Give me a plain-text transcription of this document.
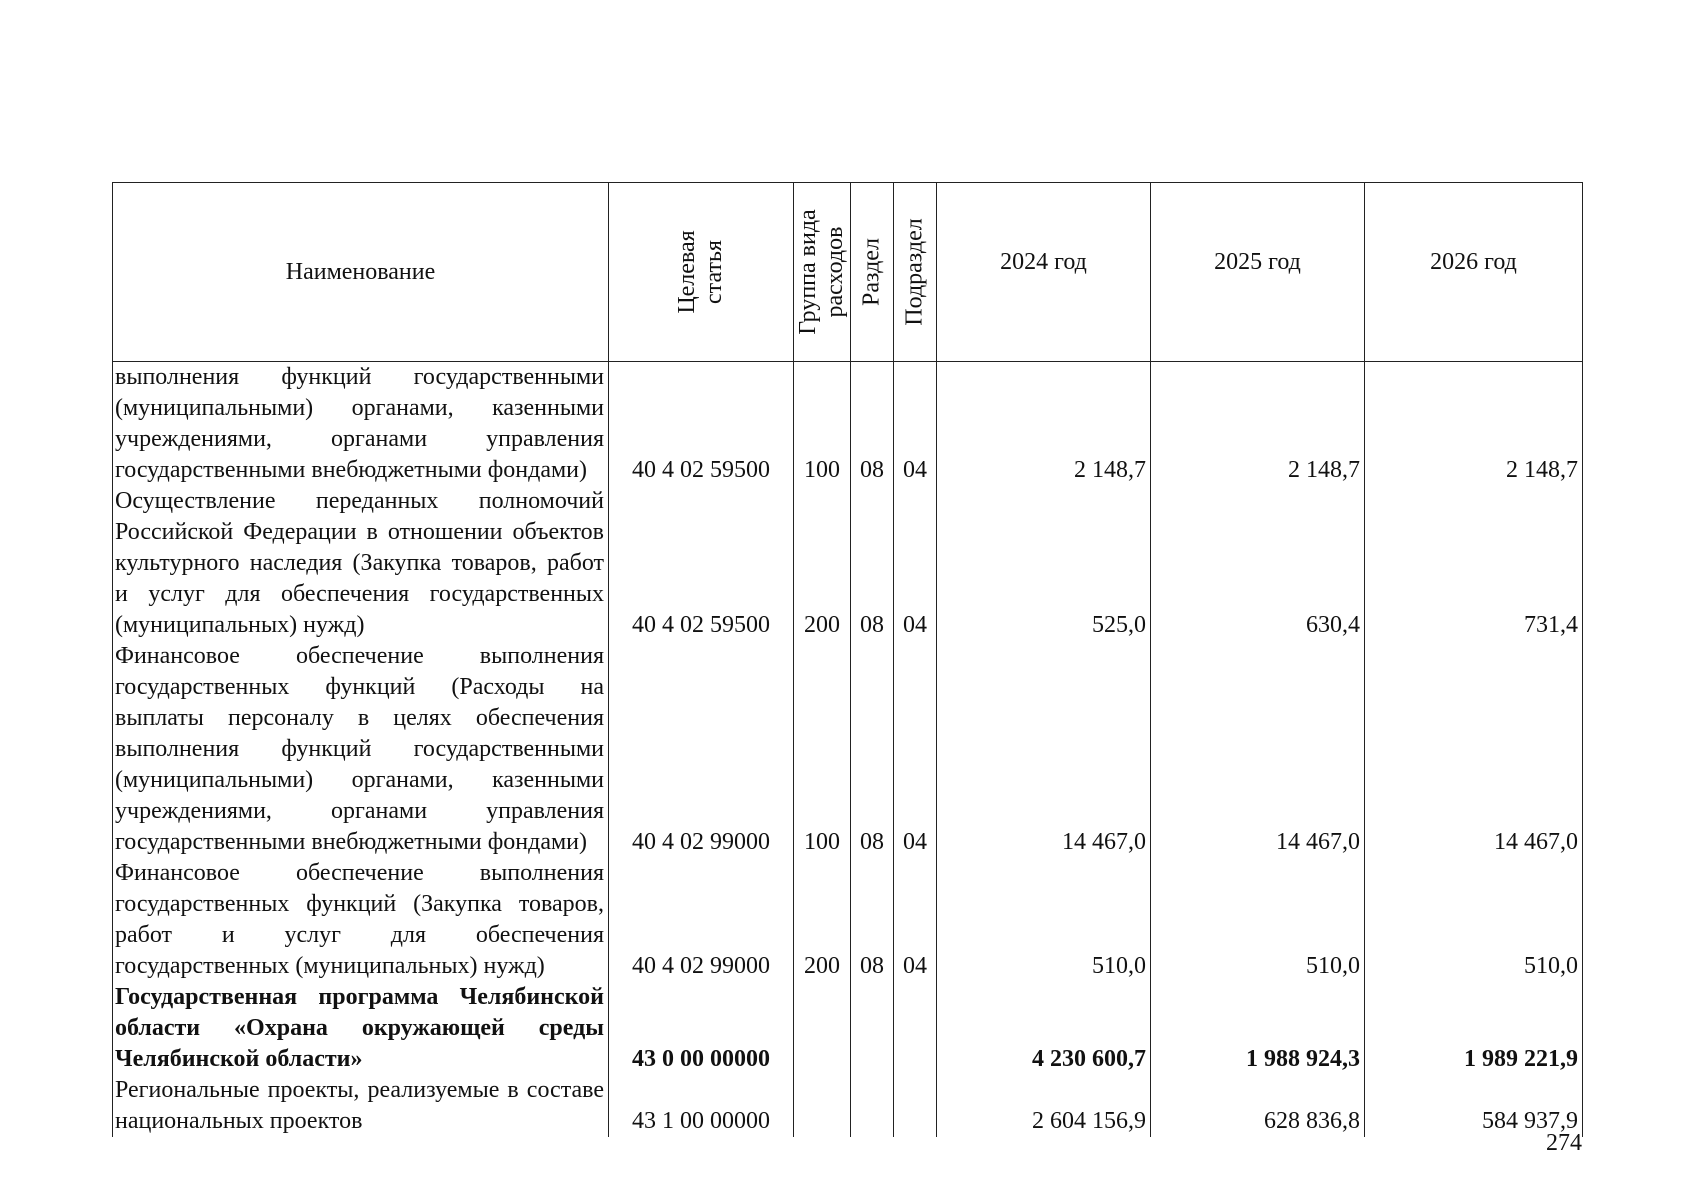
Наименование	Целевая статья	Группа вида расходов	Раздел	Подраздел	2024 год	2025 год	2026 год
выполнения функций государственными (муниципальными) органами, казенными учреждениями, органами управления государственными внебюджетными фондами)	40 4 02 59500	100	08	04	2 148,7	2 148,7	2 148,7
Осуществление переданных полномочий Российской Федерации в отношении объектов культурного наследия (Закупка товаров, работ и услуг для обеспечения государственных (муниципальных) нужд)	40 4 02 59500	200	08	04	525,0	630,4	731,4
Финансовое обеспечение выполнения государственных функций (Расходы на выплаты персоналу в целях обеспечения выполнения функций государственными (муниципальными) органами, казенными учреждениями, органами управления государственными внебюджетными фондами)	40 4 02 99000	100	08	04	14 467,0	14 467,0	14 467,0
Финансовое обеспечение выполнения государственных функций (Закупка товаров, работ и услуг для обеспечения государственных (муниципальных) нужд)	40 4 02 99000	200	08	04	510,0	510,0	510,0
Государственная программа Челябинской области «Охрана окружающей среды Челябинской области»	43 0 00 00000				4 230 600,7	1 988 924,3	1 989 221,9
Региональные проекты, реализуемые в составе национальных проектов	43 1 00 00000				2 604 156,9	628 836,8	584 937,9
274
